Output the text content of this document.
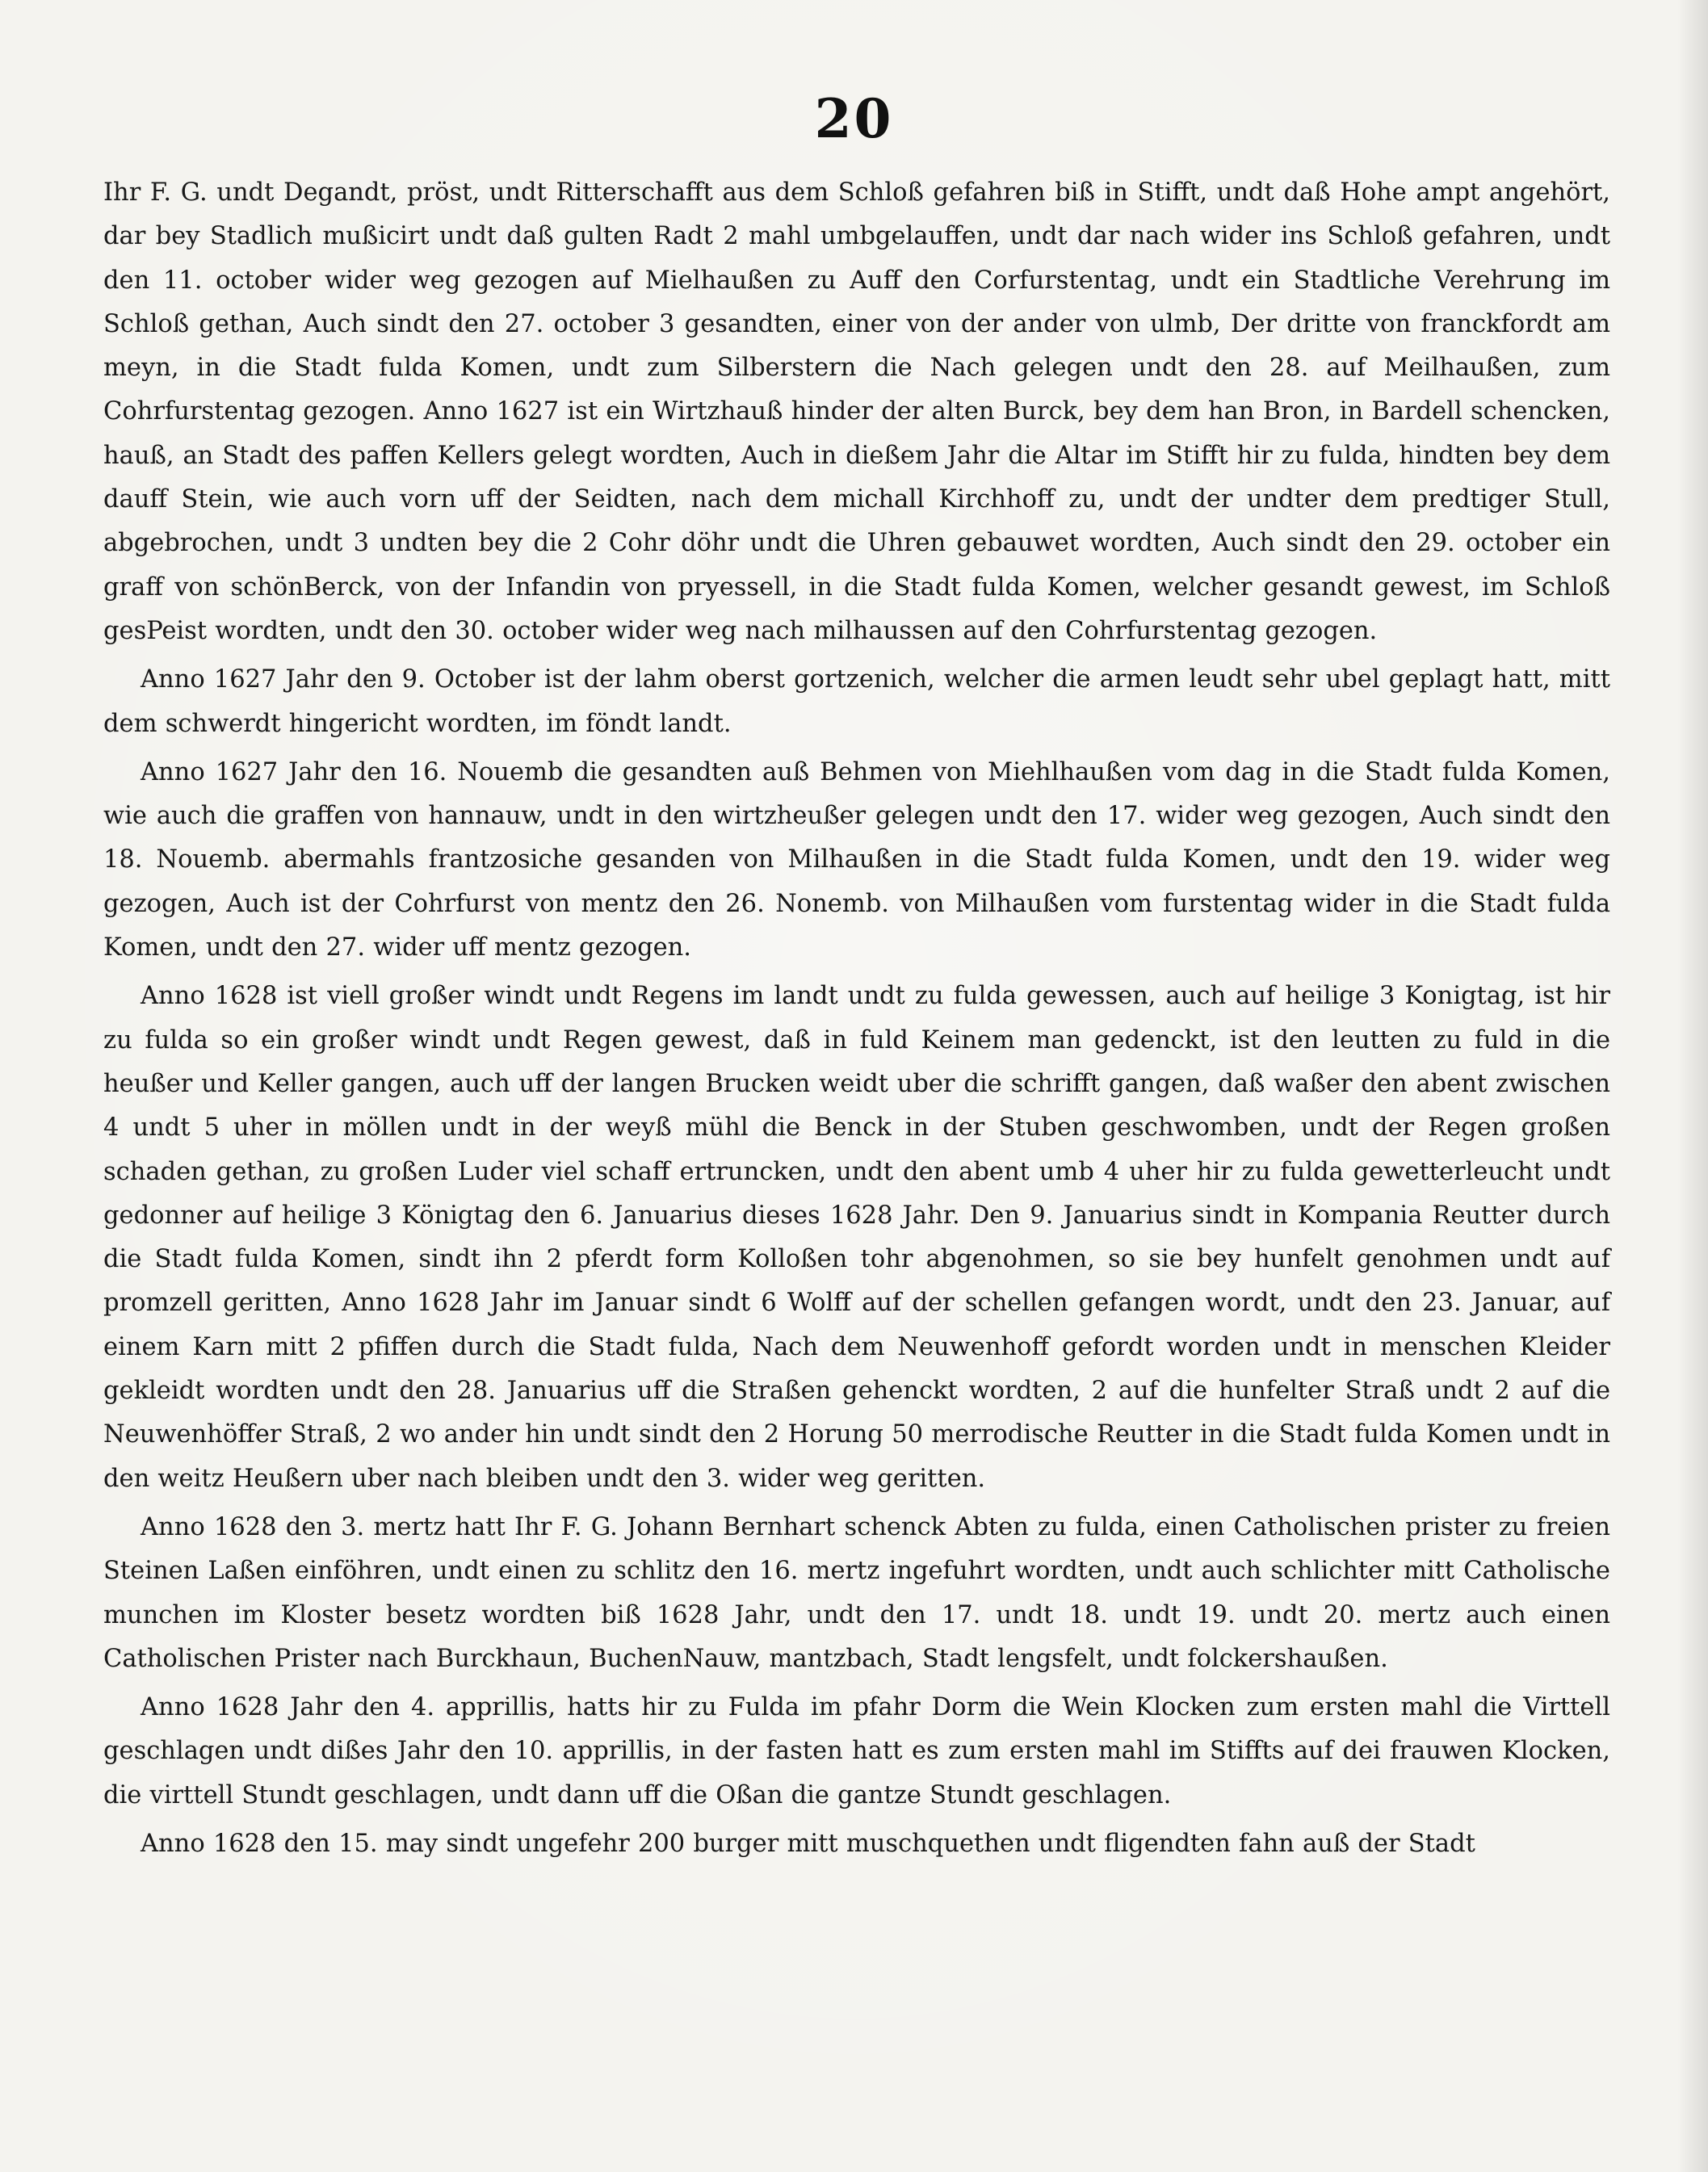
20

Ihr F. G. undt Degandt, pröst, undt Ritterschafft aus dem Schloß gefahren biß in Stifft, undt daß Hohe ampt angehört, dar bey Stadlich mußicirt undt daß gulten Radt 2 mahl umbgelauffen, undt dar nach wider ins Schloß gefahren, undt den 11. october wider weg gezogen auf Mielhaußen zu Auff den Corfurstentag, undt ein Stadtliche Verehrung im Schloß gethan, Auch sindt den 27. october 3 gesandten, einer von der ander von ulmb, Der dritte von franckfordt am meyn, in die Stadt fulda Komen, undt zum Silberstern die Nach gelegen undt den 28. auf Meilhaußen, zum Cohrfurstentag gezogen. Anno 1627 ist ein Wirtzhauß hinder der alten Burck, bey dem han Bron, in Bardell schencken, hauß, an Stadt des paffen Kellers gelegt wordten, Auch in dießem Jahr die Altar im Stifft hir zu fulda, hindten bey dem dauff Stein, wie auch vorn uff der Seidten, nach dem michall Kirchhoff zu, undt der undter dem predtiger Stull, abgebrochen, undt 3 undten bey die 2 Cohr döhr undt die Uhren gebauwet wordten, Auch sindt den 29. october ein graff von schönBerck, von der Infandin von pryessell, in die Stadt fulda Komen, welcher gesandt gewest, im Schloß gesPeist wordten, undt den 30. october wider weg nach milhaussen auf den Cohrfurstentag gezogen.

Anno 1627 Jahr den 9. October ist der lahm oberst gortzenich, welcher die armen leudt sehr ubel geplagt hatt, mitt dem schwerdt hingericht wordten, im föndt landt.

Anno 1627 Jahr den 16. Nouemb die gesandten auß Behmen von Miehlhaußen vom dag in die Stadt fulda Komen, wie auch die graffen von hannauw, undt in den wirtzheußer gelegen undt den 17. wider weg gezogen, Auch sindt den 18. Nouemb. abermahls frantzosiche gesanden von Milhaußen in die Stadt fulda Komen, undt den 19. wider weg gezogen, Auch ist der Cohrfurst von mentz den 26. Nonemb. von Milhaußen vom furstentag wider in die Stadt fulda Komen, undt den 27. wider uff mentz gezogen.

Anno 1628 ist viell großer windt undt Regens im landt undt zu fulda gewessen, auch auf heilige 3 Konigtag, ist hir zu fulda so ein großer windt undt Regen gewest, daß in fuld Keinem man gedenckt, ist den leutten zu fuld in die heußer und Keller gangen, auch uff der langen Brucken weidt uber die schrifft gangen, daß waßer den abent zwischen 4 undt 5 uher in möllen undt in der weyß mühl die Benck in der Stuben geschwomben, undt der Regen großen schaden gethan, zu großen Luder viel schaff ertruncken, undt den abent umb 4 uher hir zu fulda gewetterleucht undt gedonner auf heilige 3 Königtag den 6. Januarius dieses 1628 Jahr. Den 9. Januarius sindt in Kompania Reutter durch die Stadt fulda Komen, sindt ihn 2 pferdt form Kolloßen tohr abgenohmen, so sie bey hunfelt genohmen undt auf promzell geritten, Anno 1628 Jahr im Januar sindt 6 Wolff auf der schellen gefangen wordt, undt den 23. Januar, auf einem Karn mitt 2 pfiffen durch die Stadt fulda, Nach dem Neuwenhoff gefordt worden undt in menschen Kleider gekleidt wordten undt den 28. Januarius uff die Straßen gehenckt wordten, 2 auf die hunfelter Straß undt 2 auf die Neuwenhöffer Straß, 2 wo ander hin undt sindt den 2 Horung 50 merrodische Reutter in die Stadt fulda Komen undt in den weitz Heußern uber nach bleiben undt den 3. wider weg geritten.

Anno 1628 den 3. mertz hatt Ihr F. G. Johann Bernhart schenck Abten zu fulda, einen Catholischen prister zu freien Steinen Laßen einföhren, undt einen zu schlitz den 16. mertz ingefuhrt wordten, undt auch schlichter mitt Catholische munchen im Kloster besetz wordten biß 1628 Jahr, undt den 17. undt 18. undt 19. undt 20. mertz auch einen Catholischen Prister nach Burckhaun, BuchenNauw, mantzbach, Stadt lengsfelt, undt folckershaußen.

Anno 1628 Jahr den 4. apprillis, hatts hir zu Fulda im pfahr Dorm die Wein Klocken zum ersten mahl die Virttell geschlagen undt dißes Jahr den 10. apprillis, in der fasten hatt es zum ersten mahl im Stiffts auf dei frauwen Klocken, die virttell Stundt geschlagen, undt dann uff die Oßan die gantze Stundt geschlagen.

Anno 1628 den 15. may sindt ungefehr 200 burger mitt muschquethen undt fligendten fahn auß der Stadt
